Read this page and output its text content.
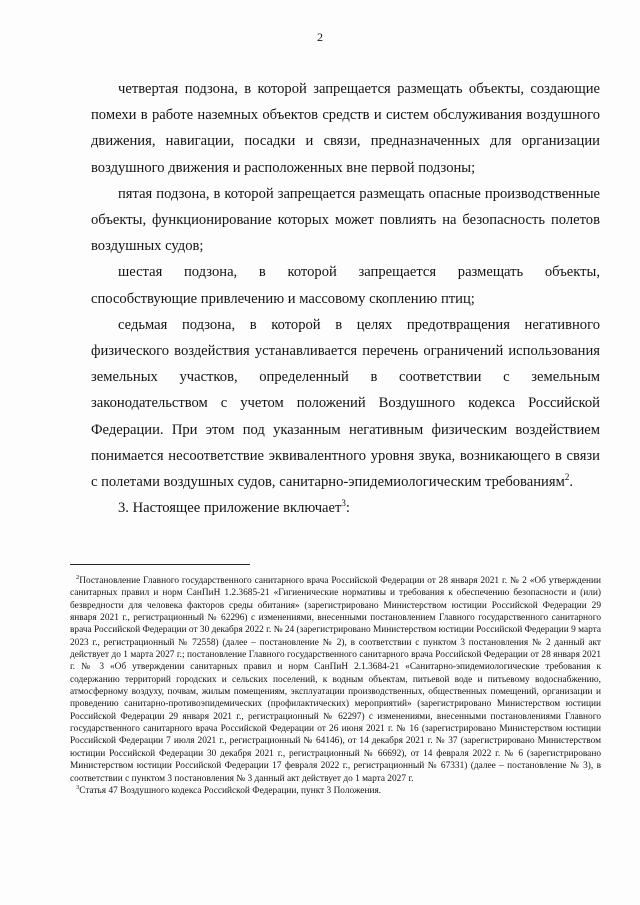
2

четвертая подзона, в которой запрещается размещать объекты, создающие помехи в работе наземных объектов средств и систем обслуживания воздушного движения, навигации, посадки и связи, предназначенных для организации воздушного движения и расположенных вне первой подзоны;

пятая подзона, в которой запрещается размещать опасные производственные объекты, функционирование которых может повлиять на безопасность полетов воздушных судов;

шестая подзона, в которой запрещается размещать объекты, способствующие привлечению и массовому скоплению птиц;

седьмая подзона, в которой в целях предотвращения негативного физического воздействия устанавливается перечень ограничений использования земельных участков, определенный в соответствии с земельным законодательством с учетом положений Воздушного кодекса Российской Федерации. При этом под указанным негативным физическим воздействием понимается несоответствие эквивалентного уровня звука, возникающего в связи с полетами воздушных судов, санитарно-эпидемиологическим требованиям$^2$.

3. Настоящее приложение включает$^3$:

$^2$Постановление Главного государственного санитарного врача Российской Федерации от 28 января 2021 г. № 2 «Об утверждении санитарных правил и норм СанПиН 1.2.3685-21 «Гигиенические нормативы и требования к обеспечению безопасности и (или) безвредности для человека факторов среды обитания» (зарегистрировано Министерством юстиции Российской Федерации 29 января 2021 г., регистрационный № 62296) с изменениями, внесенными постановлением Главного государственного санитарного врача Российской Федерации от 30 декабря 2022 г. № 24 (зарегистрировано Министерством юстиции Российской Федерации 9 марта 2023 г., регистрационный № 72558) (далее – постановление № 2), в соответствии с пунктом 3 постановления № 2 данный акт действует до 1 марта 2027 г.; постановление Главного государственного санитарного врача Российской Федерации от 28 января 2021 г. № 3 «Об утверждении санитарных правил и норм СанПиН 2.1.3684-21 «Санитарно-эпидемиологические требования к содержанию территорий городских и сельских поселений, к водным объектам, питьевой воде и питьевому водоснабжению, атмосферному воздуху, почвам, жилым помещениям, эксплуатации производственных, общественных помещений, организации и проведению санитарно-противоэпидемических (профилактических) мероприятий» (зарегистрировано Министерством юстиции Российской Федерации 29 января 2021 г., регистрационный № 62297) с изменениями, внесенными постановлениями Главного государственного санитарного врача Российской Федерации от 26 июня 2021 г. № 16 (зарегистрировано Министерством юстиции Российской Федерации 7 июля 2021 г., регистрационный № 64146), от 14 декабря 2021 г. № 37 (зарегистрировано Министерством юстиции Российской Федерации 30 декабря 2021 г., регистрационный № 66692), от 14 февраля 2022 г. № 6 (зарегистрировано Министерством юстиции Российской Федерации 17 февраля 2022 г., регистрационный № 67331) (далее – постановление № 3), в соответствии с пунктом 3 постановления № 3 данный акт действует до 1 марта 2027 г.

$^3$Статья 47 Воздушного кодекса Российской Федерации, пункт 3 Положения.
